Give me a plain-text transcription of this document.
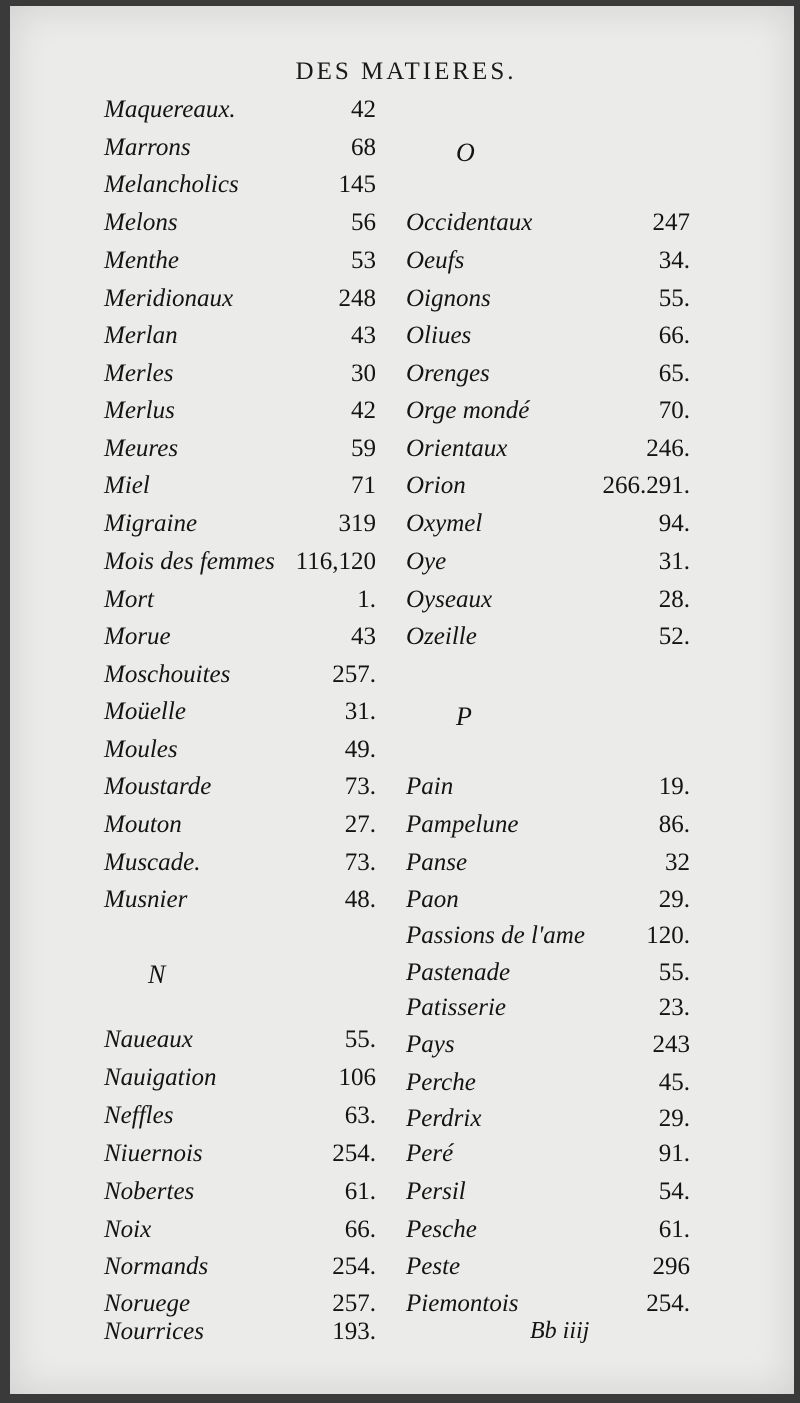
DES MATIERES.
Maquereaux.	42
Marrons	68
Melancholics	145
Melons	56
Menthe	53
Meridionaux	248
Merlan	43
Merles	30
Merlus	42
Meures	59
Miel	71
Migraine	319
Mois des femmes 116,120
Mort	1.
Morue	43
Moschouites	257.
Moüelle	31.
Moules	49.
Moustarde	73.
Mouton	27.
Muscade.	73.
Musnier	48.
N
Naueaux	55.
Nauigation	106
Neffles	63.
Niuernois	254.
Nobertes	61.
Noix	66.
Normands	254.
Noruege	257.
Nourrices	193.
O
Occidentaux	247
Oeufs	34.
Oignons	55.
Oliues	66.
Orenges	65.
Orge mondé	70.
Orientaux	246.
Orion	266.291.
Oxymel	94.
Oye	31.
Oyseaux	28.
Ozeille	52.
P
Pain	19.
Pampelune	86.
Panse	32
Paon	29.
Passions de l'ame 120.
Pastenade	55.
Patisserie	23.
Pays	243
Perche	45.
Perdrix	29.
Peré	91.
Persil	54.
Pesche	61.
Peste	296
Piemontois	254.
Bb iiij
